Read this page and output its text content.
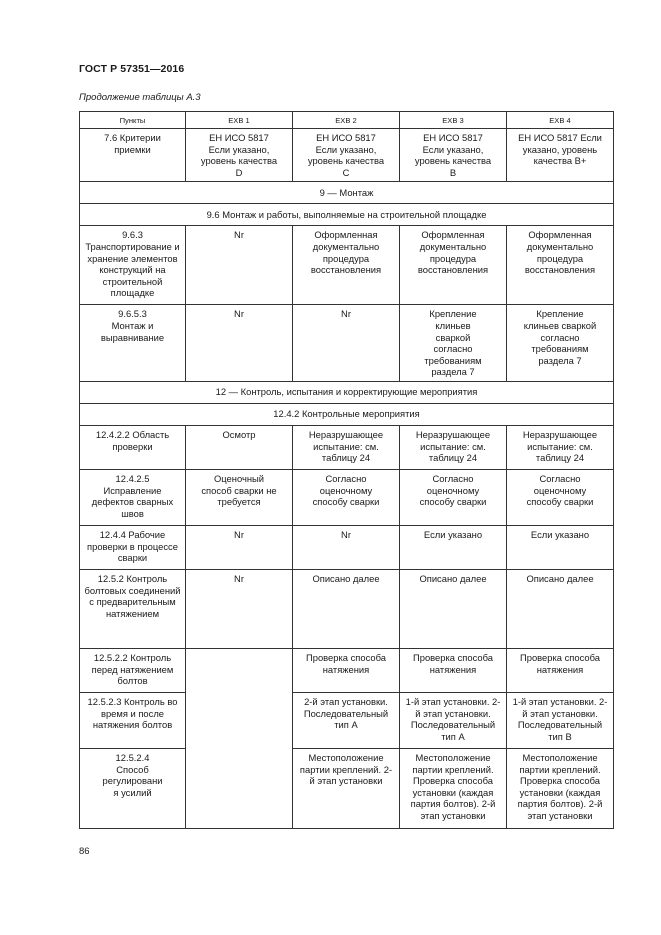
ГОСТ Р 57351—2016
Продолжение таблицы А.3
Пункты	EXB 1	EXB 2	EXB 3	EXB 4
7.6 Критерии приемки	ЕН ИСО 5817 Если указано, уровень качества D	ЕН ИСО 5817 Если указано, уровень качества С	ЕН ИСО 5817 Если указано, уровень качества В	ЕН ИСО 5817 Если указано, уровень качества В+
9 — Монтаж				
9.6 Монтаж и работы, выполняемые на строительной площадке				
9.6.3 Транспортирование и хранение элементов конструкций на строительной площадке	Nr	Оформленная документально процедура восстановления	Оформленная документально процедура восстановления	Оформленная документально процедура восстановления
9.6.5.3 Монтаж и выравнивание	Nr	Nr	Крепление клиньев сваркой согласно требованиям раздела 7	Крепление клиньев сваркой согласно требованиям раздела 7
12 — Контроль, испытания и корректирующие мероприятия				
12.4.2 Контрольные мероприятия				
12.4.2.2 Область проверки	Осмотр	Неразрушающее испытание: см. таблицу 24	Неразрушающее испытание: см. таблицу 24	Неразрушающее испытание: см. таблицу 24
12.4.2.5 Исправление дефектов сварных швов	Оценочный способ сварки не требуется	Согласно оценочному способу сварки	Согласно оценочному способу сварки	Согласно оценочному способу сварки
12.4.4 Рабочие проверки в процессе сварки	Nr	Nr	Если указано	Если указано
12.5.2 Контроль болтовых соединений с предварительным натяжением	Nr	Описано далее	Описано далее	Описано далее
12.5.2.2 Контроль перед натяжением болтов		Проверка способа натяжения	Проверка способа натяжения	Проверка способа натяжения
12.5.2.3 Контроль во время и после натяжения болтов		2-й этап установки. Последовательный тип А	1-й этап установки. 2-й этап установки. Последовательный тип А	1-й этап установки. 2-й этап установки. Последовательный тип В
12.5.2.4 Способ регулирования усилий		Местоположение партии креплений. 2-й этап установки	Местоположение партии креплений. Проверка способа установки (каждая партия болтов). 2-й этап установки	Местоположение партии креплений. Проверка способа установки (каждая партия болтов). 2-й этап установки
86
